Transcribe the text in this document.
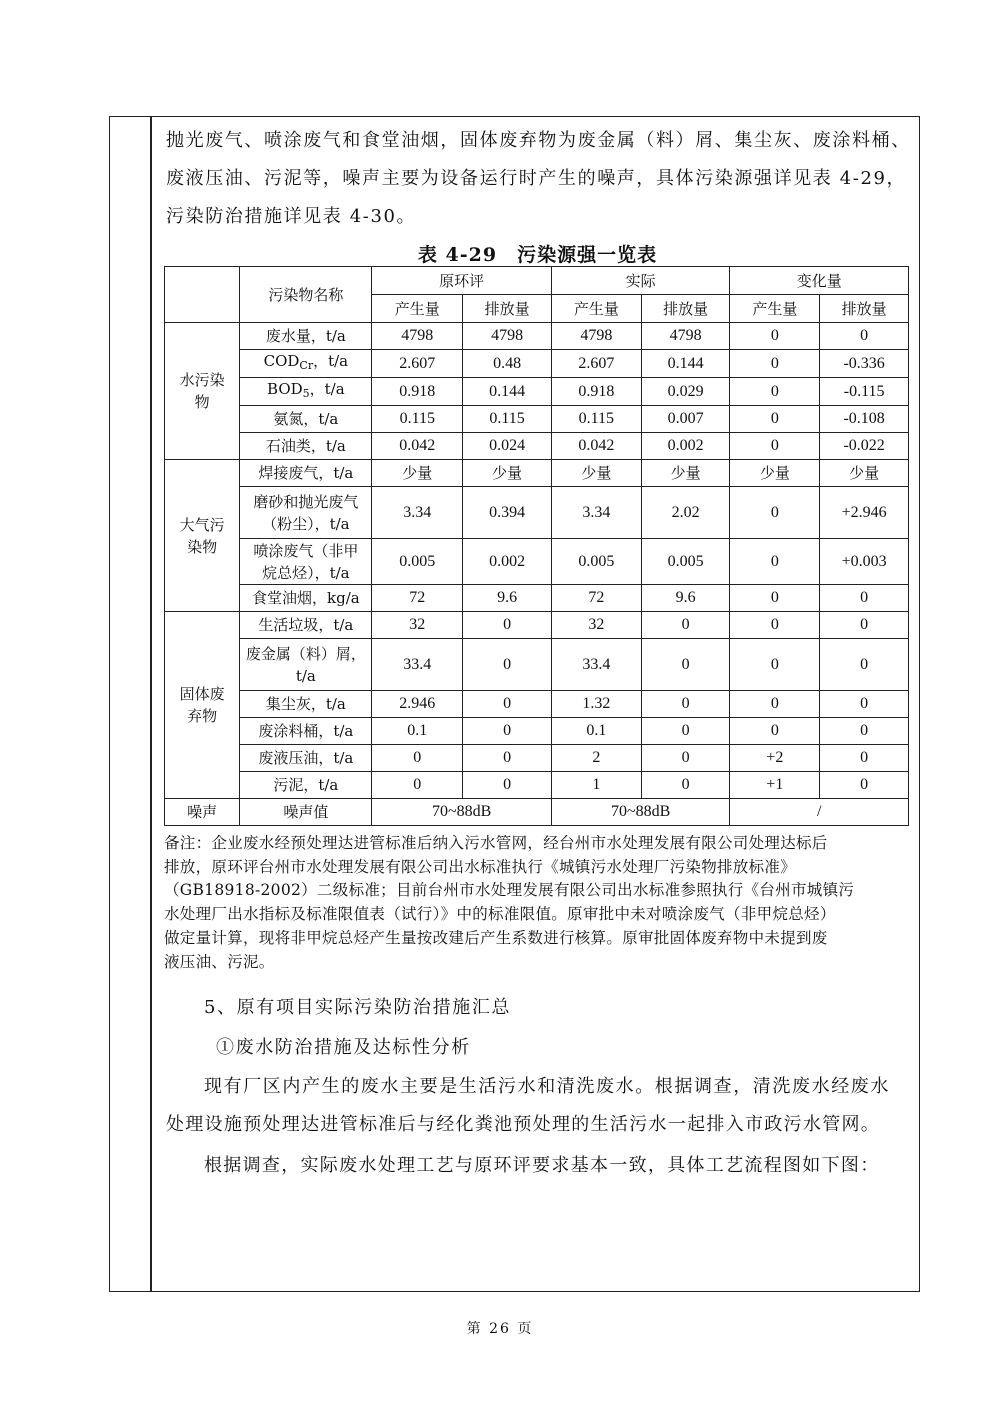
抛光废气、喷涂废气和食堂油烟，固体废弃物为废金属（料）屑、集尘灰、废涂料桶、
废液压油、污泥等，噪声主要为设备运行时产生的噪声，具体污染源强详见表 4-29，
污染防治措施详见表 4-30。
表 4-29　污染源强一览表
	污染物名称	原环评		实际		变化量	
		产生量	排放量	产生量	排放量	产生量	排放量

水污染
物	废水量，t/a	4798	4798	4798	4798	0	0
	$COD_{Cr}$，t/a	2.607	0.48	2.607	0.144	0	-0.336
	$BOD_5$，t/a	0.918	0.144	0.918	0.029	0	-0.115
	氨氮，t/a	0.115	0.115	0.115	0.007	0	-0.108
	石油类，t/a	0.042	0.024	0.042	0.002	0	-0.022

大气污
染物	焊接废气，t/a	少量	少量	少量	少量	少量	少量

	磨砂和抛光废气
（粉尘），t/a	3.34	0.394	3.34	2.02	0	+2.946

	喷涂废气（非甲
烷总烃），t/a	0.005	0.002	0.005	0.005	0	+0.003
	食堂油烟，kg/a	72	9.6	72	9.6	0	0

固体废
弃物	生活垃圾，t/a	32	0	32	0	0	0

	废金属（料）屑，
t/a	33.4	0	33.4	0	0	0
	集尘灰，t/a	2.946	0	1.32	0	0	0
	废涂料桶，t/a	0.1	0	0.1	0	0	0
	废液压油，t/a	0	0	2	0	+2	0
	污泥，t/a	0	0	1	0	+1	0
噪声	噪声值	70~88dB		70~88dB		/	
备注：企业废水经预处理达进管标准后纳入污水管网，经台州市水处理发展有限公司处理达标后
排放，原环评台州市水处理发展有限公司出水标准执行《城镇污水处理厂污染物排放标准》
（GB18918-2002）二级标准；目前台州市水处理发展有限公司出水标准参照执行《台州市城镇污
水处理厂出水指标及标准限值表（试行）》中的标准限值。原审批中未对喷涂废气（非甲烷总烃）
做定量计算，现将非甲烷总烃产生量按改建后产生系数进行核算。原审批固体废弃物中未提到废
液压油、污泥。
5、原有项目实际污染防治措施汇总
①废水防治措施及达标性分析
现有厂区内产生的废水主要是生活污水和清洗废水。根据调查，清洗废水经废水
处理设施预处理达进管标准后与经化粪池预处理的生活污水一起排入市政污水管网。
根据调查，实际废水处理工艺与原环评要求基本一致，具体工艺流程图如下图：
第 26 页
